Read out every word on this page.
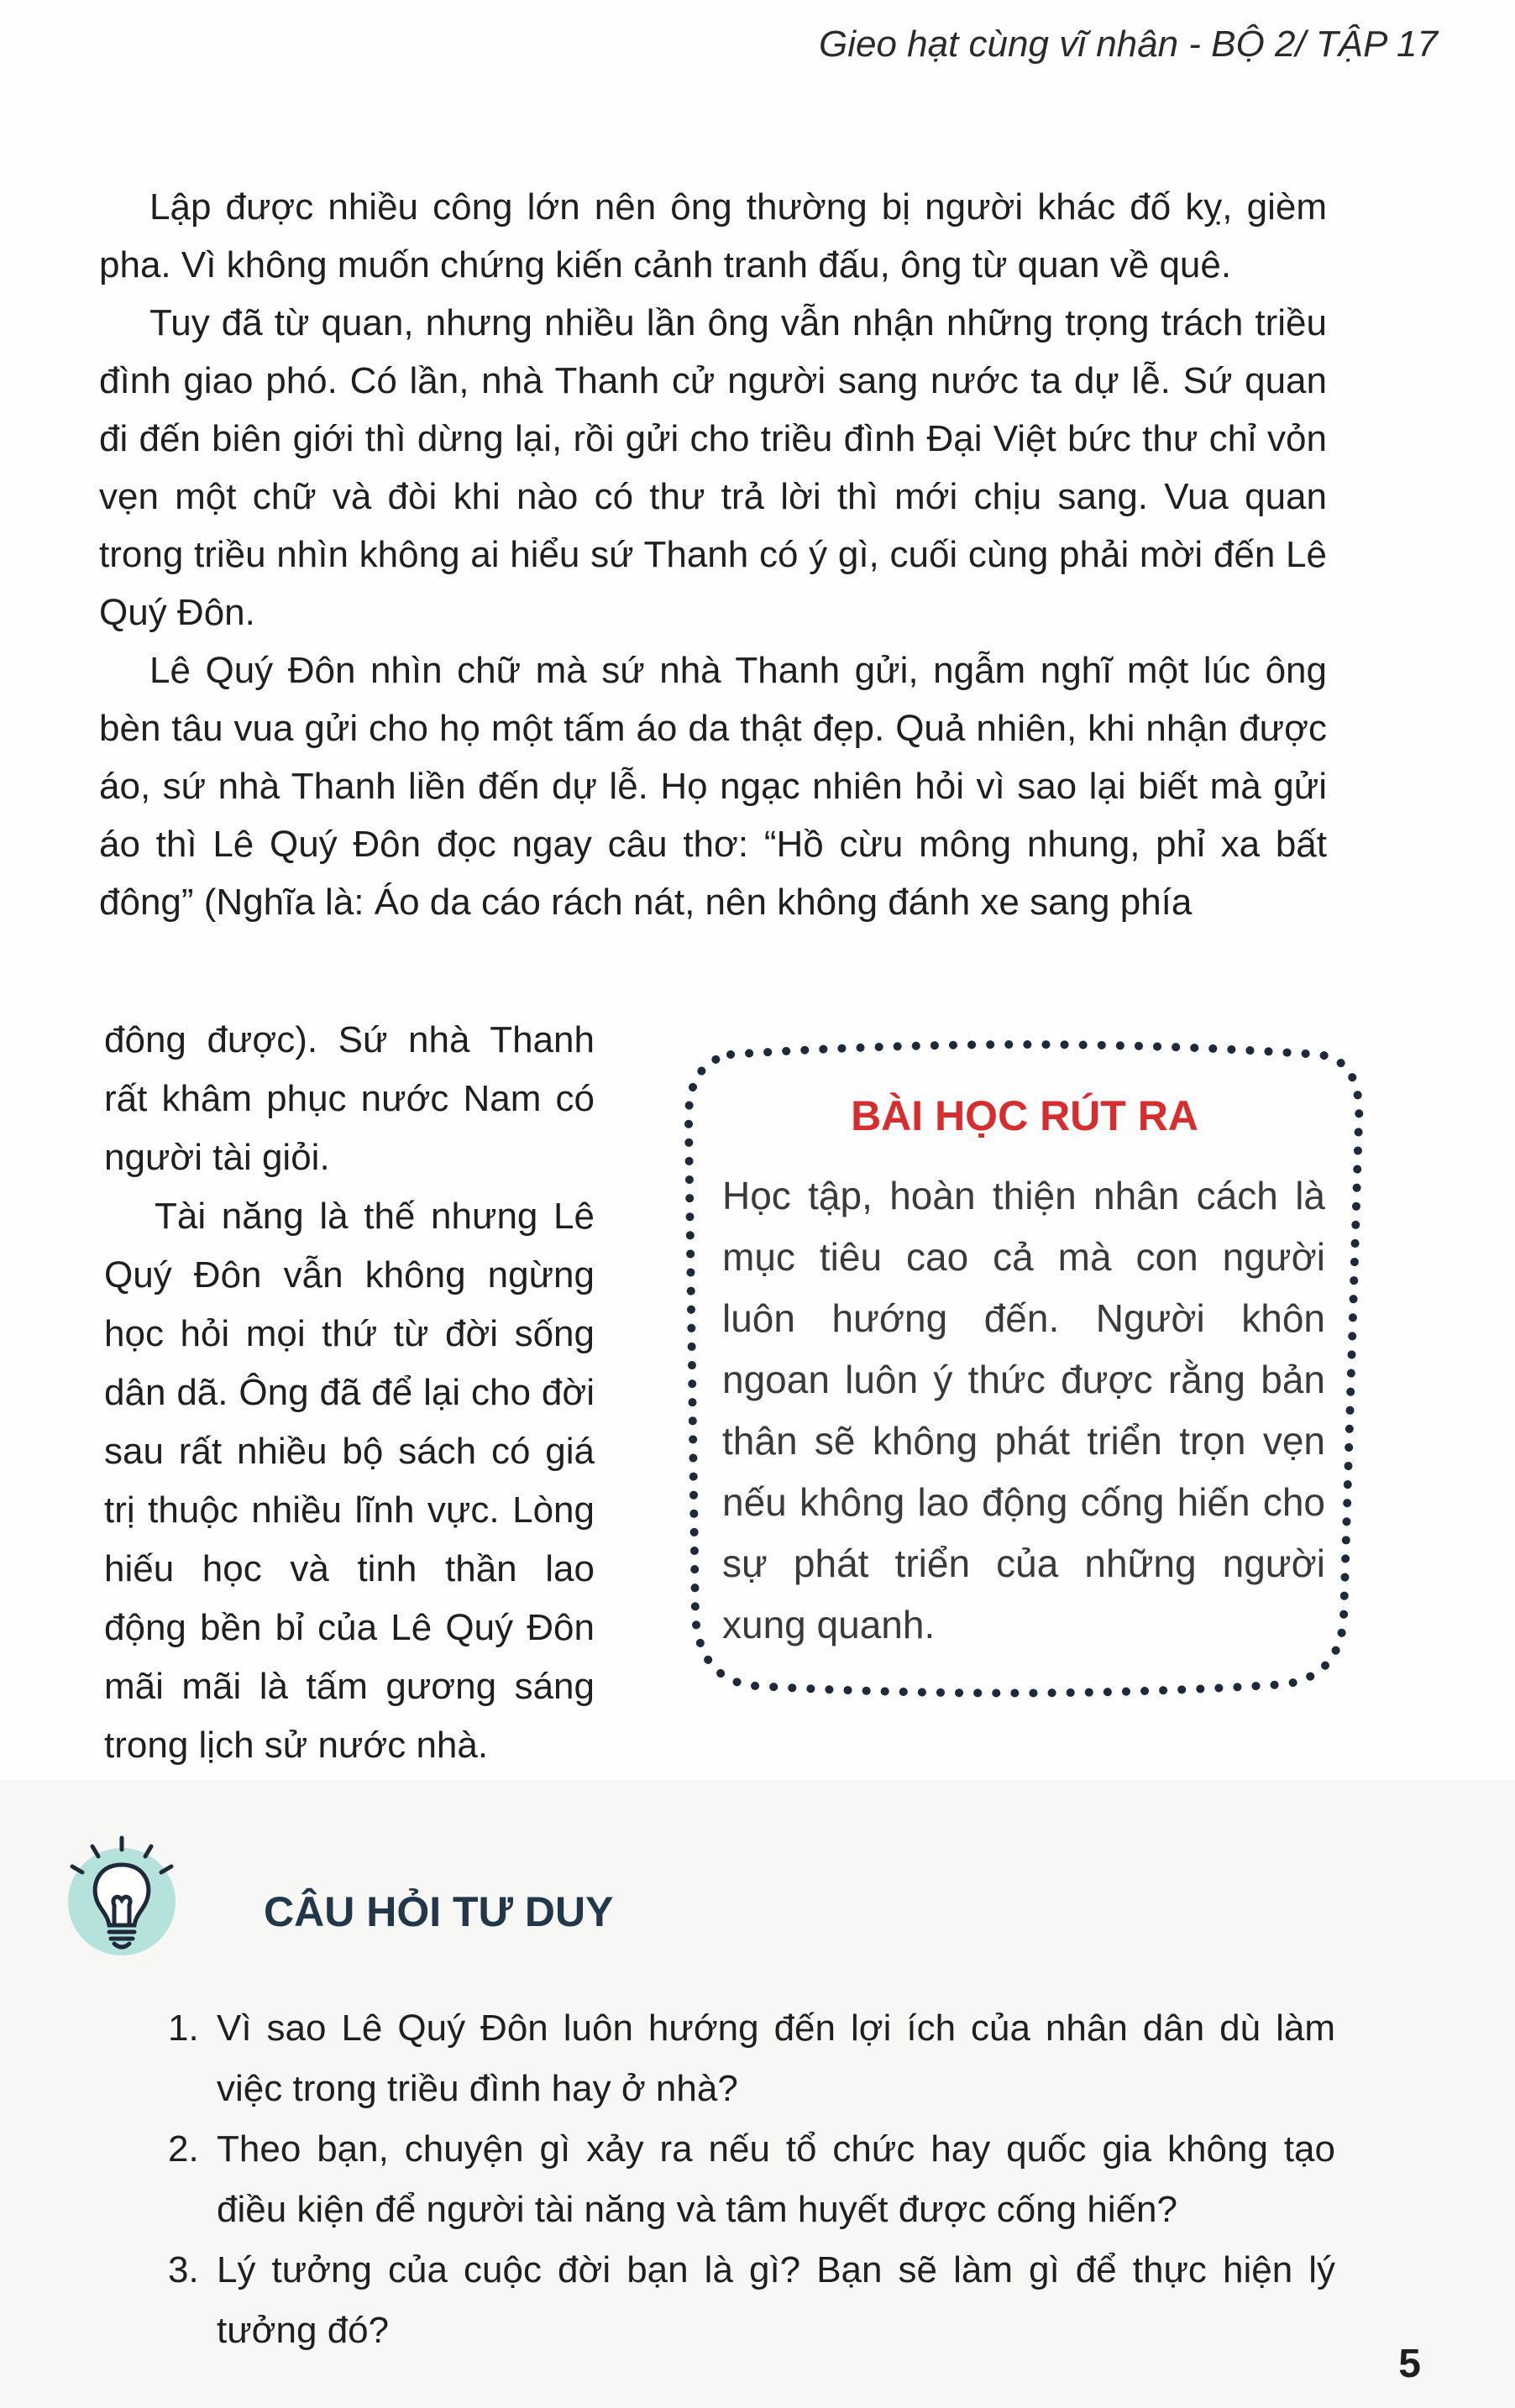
Gieo hạt cùng vĩ nhân - BỘ 2/ TẬP 17

Lập được nhiều công lớn nên ông thường bị người khác đố kỵ, gièm pha. Vì không muốn chứng kiến cảnh tranh đấu, ông từ quan về quê.

Tuy đã từ quan, nhưng nhiều lần ông vẫn nhận những trọng trách triều đình giao phó. Có lần, nhà Thanh cử người sang nước ta dự lễ. Sứ quan đi đến biên giới thì dừng lại, rồi gửi cho triều đình Đại Việt bức thư chỉ vỏn vẹn một chữ và đòi khi nào có thư trả lời thì mới chịu sang. Vua quan trong triều nhìn không ai hiểu sứ Thanh có ý gì, cuối cùng phải mời đến Lê Quý Đôn.

Lê Quý Đôn nhìn chữ mà sứ nhà Thanh gửi, ngẫm nghĩ một lúc ông bèn tâu vua gửi cho họ một tấm áo da thật đẹp. Quả nhiên, khi nhận được áo, sứ nhà Thanh liền đến dự lễ. Họ ngạc nhiên hỏi vì sao lại biết mà gửi áo thì Lê Quý Đôn đọc ngay câu thơ: “Hồ cừu mông nhung, phỉ xa bất đông” (Nghĩa là: Áo da cáo rách nát, nên không đánh xe sang phía

đông được). Sứ nhà Thanh rất khâm phục nước Nam có người tài giỏi.

Tài năng là thế nhưng Lê Quý Đôn vẫn không ngừng học hỏi mọi thứ từ đời sống dân dã. Ông đã để lại cho đời sau rất nhiều bộ sách có giá trị thuộc nhiều lĩnh vực. Lòng hiếu học và tinh thần lao động bền bỉ của Lê Quý Đôn mãi mãi là tấm gương sáng trong lịch sử nước nhà.

BÀI HỌC RÚT RA
Học tập, hoàn thiện nhân cách là mục tiêu cao cả mà con người luôn hướng đến. Người khôn ngoan luôn ý thức được rằng bản thân sẽ không phát triển trọn vẹn nếu không lao động cống hiến cho sự phát triển của những người xung quanh.
CÂU HỎI TƯ DUY
1. Vì sao Lê Quý Đôn luôn hướng đến lợi ích của nhân dân dù làm việc trong triều đình hay ở nhà?
2. Theo bạn, chuyện gì xảy ra nếu tổ chức hay quốc gia không tạo điều kiện để người tài năng và tâm huyết được cống hiến?
3. Lý tưởng của cuộc đời bạn là gì? Bạn sẽ làm gì để thực hiện lý tưởng đó?
5
